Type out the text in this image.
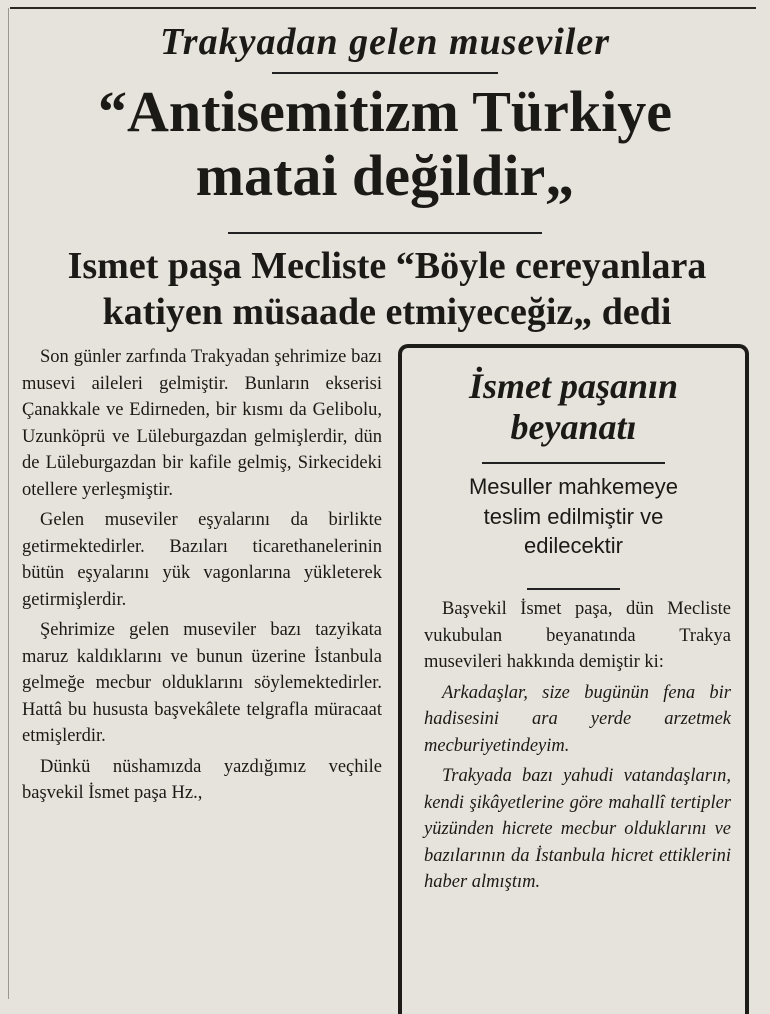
Trakyadan gelen museviler
“Antisemitizm Türkiye
matai değildir„
Ismet paşa Mecliste “Böyle cereyanlara
katiyen müsaade etmiyeceğiz„ dedi

Son günler zarfında Trakyadan şehrimize bazı musevi aileleri gelmiştir. Bunların ekserisi Çanakkale ve Edirneden, bir kısmı da Gelibolu, Uzunköprü ve Lüleburgazdan gelmişlerdir, dün de Lüleburgazdan bir kafile gelmiş, Sirkecideki otellere yerleşmiştir.

Gelen museviler eşyalarını da birlikte getirmektedirler. Bazıları ticarethanelerinin bütün eşyalarını yük vagonlarına yükleterek getirmişlerdir.

Şehrimize gelen museviler bazı tazyikata maruz kaldıklarını ve bunun üzerine İstanbula gelmeğe mecbur olduklarını söylemektedirler. Hattâ bu hususta başvekâlete telgrafla müracaat etmişlerdir.

Dünkü nüshamızda yazdığımız veçhile başvekil İsmet paşa Hz.,

İsmet paşanın
beyanatı
Mesuller mahkemeye
teslim edilmiştir ve
edilecektir

Başvekil İsmet paşa, dün Mecliste vukubulan beyanatında Trakya musevileri hakkında demiştir ki:

Arkadaşlar, size bugünün fena bir hadisesini ara yerde arzetmek mecburiyetindeyim.

Trakyada bazı yahudi vatandaşların, kendi şikâyetlerine göre mahallî tertipler yüzünden hicrete mecbur olduklarını ve bazılarının da İstanbula hicret ettiklerini haber almıştım.
